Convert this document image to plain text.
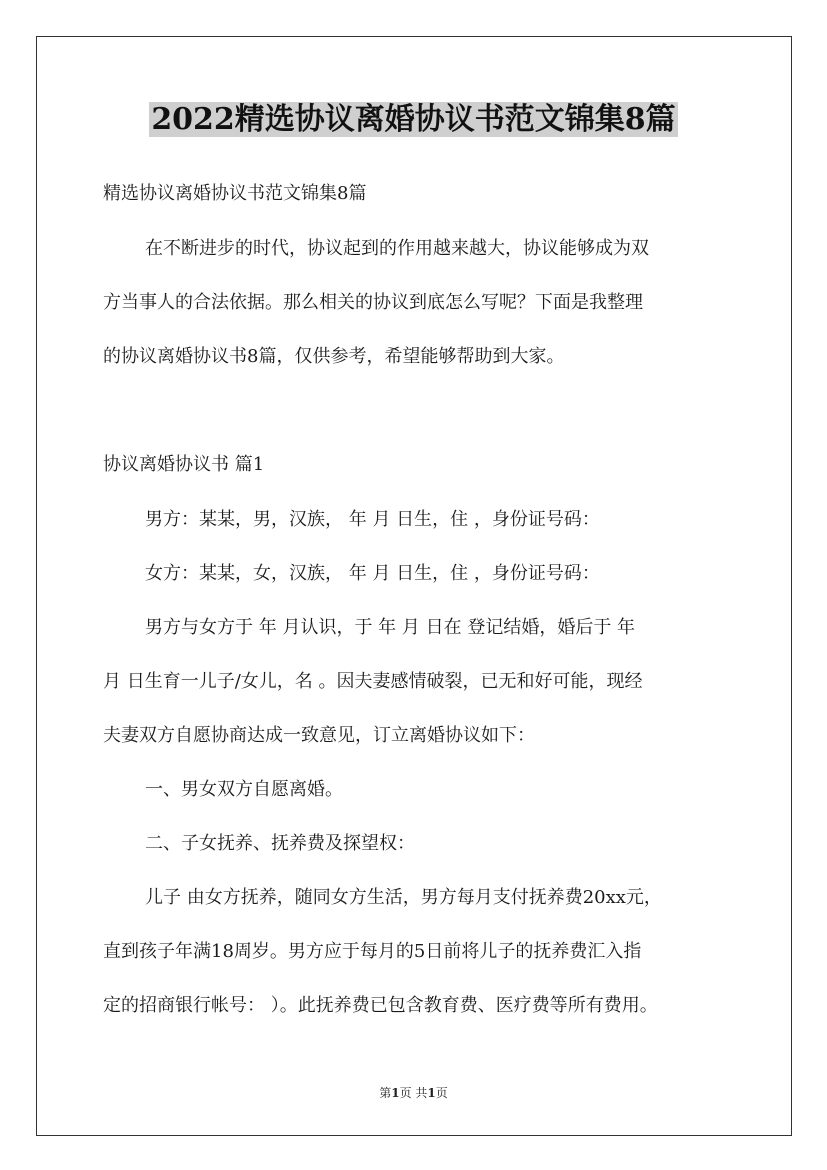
2022精选协议离婚协议书范文锦集8篇
精选协议离婚协议书范文锦集8篇
在不断进步的时代，协议起到的作用越来越大，协议能够成为双
方当事人的合法依据。那么相关的协议到底怎么写呢？下面是我整理
的协议离婚协议书8篇，仅供参考，希望能够帮助到大家。
协议离婚协议书 篇1
男方：某某，男，汉族， 年 月 日生，住 ，身份证号码：
女方：某某，女，汉族， 年 月 日生，住 ，身份证号码：
男方与女方于 年 月认识，于 年 月 日在 登记结婚，婚后于 年
月 日生育一儿子/女儿，名 。因夫妻感情破裂，已无和好可能，现经
夫妻双方自愿协商达成一致意见，订立离婚协议如下：
一、男女双方自愿离婚。
二、子女抚养、抚养费及探望权：
儿子 由女方抚养，随同女方生活，男方每月支付抚养费20xx元，
直到孩子年满18周岁。男方应于每月的5日前将儿子的抚养费汇入指
定的招商银行帐号： ）。此抚养费已包含教育费、医疗费等所有费用。
第1页 共1页
